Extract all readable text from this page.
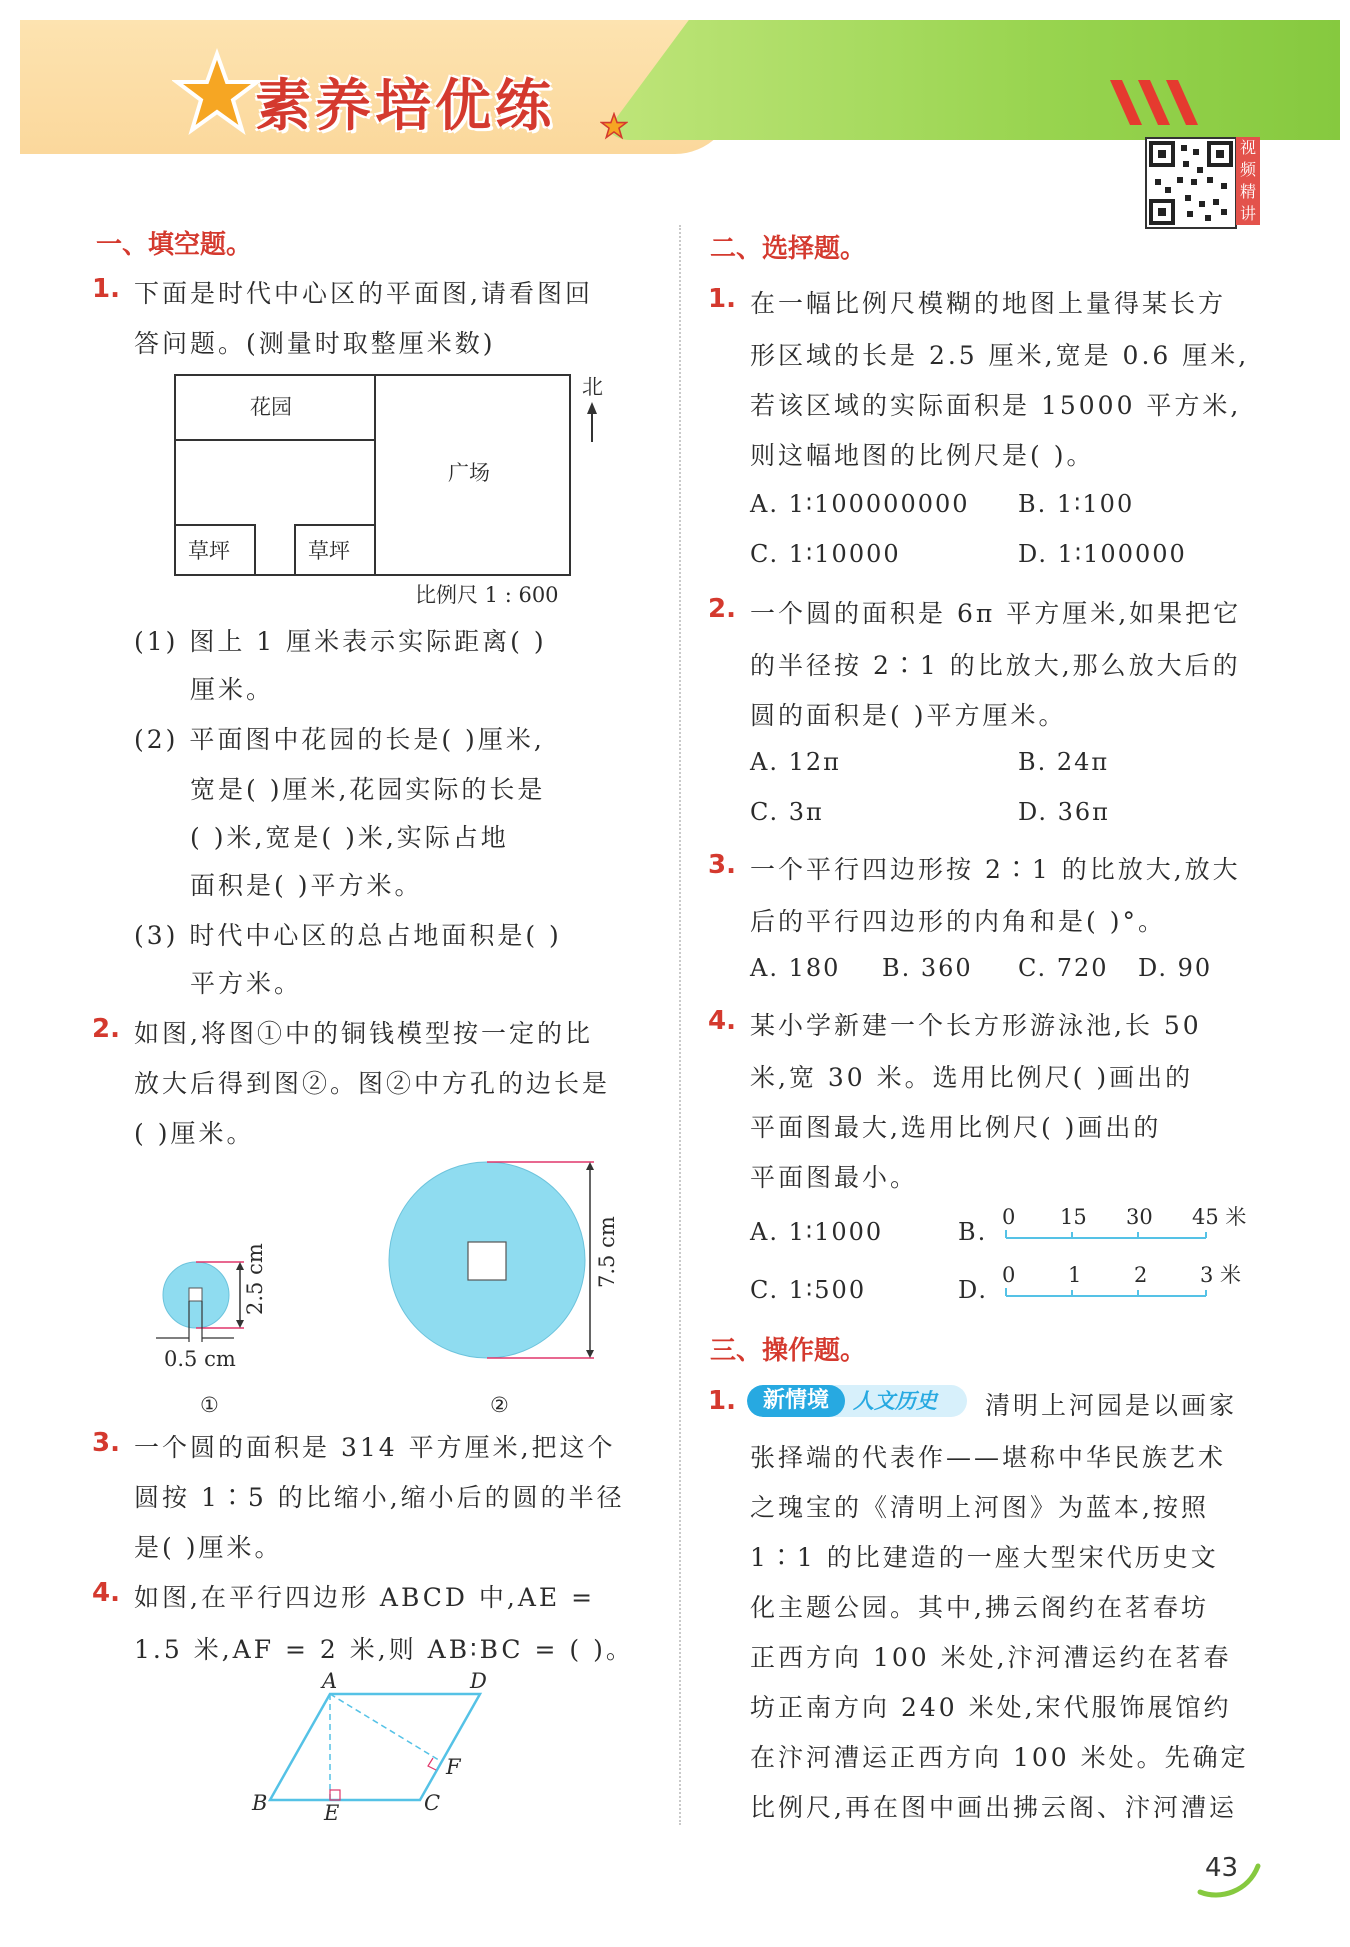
素养培优练
视频精讲
一、填空题。
1. 下面是时代中心区的平面图,请看图回
答问题。(测量时取整厘米数)
花园
广场
草坪	草坪
北
比例尺 1 : 600
(1) 图上 1 厘米表示实际距离( )
厘米。
(2) 平面图中花园的长是( )厘米,
宽是( )厘米,花园实际的长是
( )米,宽是( )米,实际占地
面积是( )平方米。
(3) 时代中心区的总占地面积是( )
平方米。
2. 如图,将图①中的铜钱模型按一定的比
放大后得到图②。图②中方孔的边长是
( )厘米。
2.5 cm
0.5 cm
①
7.5 cm
②
3. 一个圆的面积是 314 平方厘米,把这个
圆按 1∶5 的比缩小,缩小后的圆的半径
是( )厘米。
4. 如图,在平行四边形 ABCD 中,AE =
1.5 米,AF = 2 米,则 AB∶BC = ( )。
A	D
B	C
E
F
二、选择题。
1. 在一幅比例尺模糊的地图上量得某长方
形区域的长是 2.5 厘米,宽是 0.6 厘米,
若该区域的实际面积是 15000 平方米,
则这幅地图的比例尺是( )。
A. 1∶100000000 B. 1∶100
C. 1∶10000	D. 1∶100000
2. 一个圆的面积是 6π 平方厘米,如果把它
的半径按 2∶1 的比放大,那么放大后的
圆的面积是( )平方厘米。
A. 12π	B. 24π
C. 3π	D. 36π
3. 一个平行四边形按 2∶1 的比放大,放大
后的平行四边形的内角和是( )°。
A. 180 B. 360 C. 720 D. 90
4. 某小学新建一个长方形游泳池,长 50
米,宽 30 米。选用比例尺( )画出的
平面图最大,选用比例尺( )画出的
平面图最小。
A. 1∶1000	B.
0 15 30 45 米
C. 1∶500	D.
0	1	2	3 米
三、操作题。
1.	新情境	人文历史 清明上河园是以画家
张择端的代表作——堪称中华民族艺术
之瑰宝的《清明上河图》为蓝本,按照
1∶1 的比建造的一座大型宋代历史文
化主题公园。其中,拂云阁约在茗春坊
正西方向 100 米处,汴河漕运约在茗春
坊正南方向 240 米处,宋代服饰展馆约
在汴河漕运正西方向 100 米处。先确定
比例尺,再在图中画出拂云阁、汴河漕运
43
